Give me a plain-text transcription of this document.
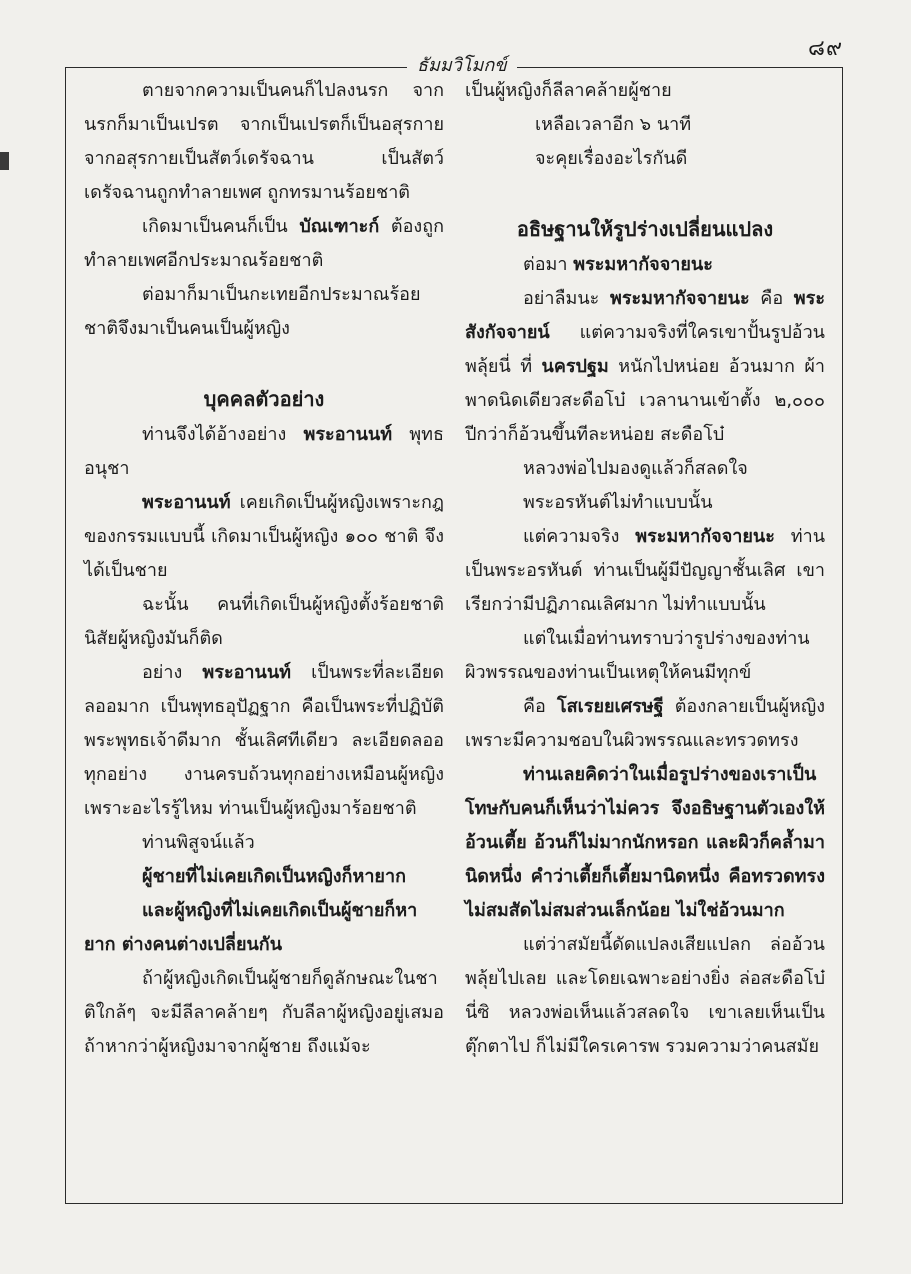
๘๙
ธัมมวิโมกข์

ตายจากความเป็นคนก็ไปลงนรก จากนรกก็มาเป็นเปรต จากเป็นเปรตก็เป็นอสุรกาย จากอสุรกายเป็นสัตว์เดรัจฉาน เป็นสัตว์เดรัจฉานถูกทำลายเพศ ถูกทรมานร้อยชาติ

เกิดมาเป็นคนก็เป็น บัณเฑาะก์ ต้องถูกทำลายเพศอีกประมาณร้อยชาติ

ต่อมาก็มาเป็นกะเทยอีกประมาณร้อยชาติจึงมาเป็นคนเป็นผู้หญิง

บุคคลตัวอย่าง

ท่านจึงได้อ้างอย่าง พระอานนท์ พุทธอนุชา

พระอานนท์ เคยเกิดเป็นผู้หญิงเพราะกฎของกรรมแบบนี้ เกิดมาเป็นผู้หญิง ๑๐๐ ชาติ จึงได้เป็นชาย

ฉะนั้น คนที่เกิดเป็นผู้หญิงตั้งร้อยชาตินิสัยผู้หญิงมันก็ติด

อย่าง พระอานนท์ เป็นพระที่ละเอียดลออมาก เป็นพุทธอุปัฏฐาก คือเป็นพระที่ปฏิบัติพระพุทธเจ้าดีมาก ชั้นเลิศทีเดียว ละเอียดลออทุกอย่าง งานครบถ้วนทุกอย่างเหมือนผู้หญิง เพราะอะไรรู้ไหม ท่านเป็นผู้หญิงมาร้อยชาติ

ท่านพิสูจน์แล้ว

ผู้ชายที่ไม่เคยเกิดเป็นหญิงก็หายาก

และผู้หญิงที่ไม่เคยเกิดเป็นผู้ชายก็หายาก ต่างคนต่างเปลี่ยนกัน

ถ้าผู้หญิงเกิดเป็นผู้ชายก็ดูลักษณะในชาติใกล้ๆ จะมีลีลาคล้ายๆ กับลีลาผู้หญิงอยู่เสมอ ถ้าหากว่าผู้หญิงมาจากผู้ชาย ถึงแม้จะ

เป็นผู้หญิงก็ลีลาคล้ายผู้ชาย

เหลือเวลาอีก ๖ นาที

จะคุยเรื่องอะไรกันดี

อธิษฐานให้รูปร่างเปลี่ยนแปลง

ต่อมา พระมหากัจจายนะ

อย่าลืมนะ พระมหากัจจายนะ คือ พระสังกัจจายน์ แต่ความจริงที่ใครเขาปั้นรูปอ้วนพลุ้ยนี่ ที่ นครปฐม หนักไปหน่อย อ้วนมาก ผ้าพาดนิดเดียวสะดือโบ๋ เวลานานเข้าตั้ง ๒,๐๐๐ ปีกว่าก็อ้วนขึ้นทีละหน่อย สะดือโบ๋

หลวงพ่อไปมองดูแล้วก็สลดใจ

พระอรหันต์ไม่ทำแบบนั้น

แต่ความจริง พระมหากัจจายนะ ท่านเป็นพระอรหันต์ ท่านเป็นผู้มีปัญญาชั้นเลิศ เขาเรียกว่ามีปฏิภาณเลิศมาก ไม่ทำแบบนั้น

แต่ในเมื่อท่านทราบว่ารูปร่างของท่านผิวพรรณของท่านเป็นเหตุให้คนมีทุกข์

คือ โสเรยยเศรษฐี ต้องกลายเป็นผู้หญิงเพราะมีความชอบในผิวพรรณและทรวดทรง

ท่านเลยคิดว่าในเมื่อรูปร่างของเราเป็นโทษกับคนก็เห็นว่าไม่ควร จึงอธิษฐานตัวเองให้อ้วนเตี้ย อ้วนก็ไม่มากนักหรอก และผิวก็คล้ำมานิดหนึ่ง คำว่าเตี้ยก็เตี้ยมานิดหนึ่ง คือทรวดทรงไม่สมสัดไม่สมส่วนเล็กน้อย ไม่ใช่อ้วนมาก

แต่ว่าสมัยนี้ดัดแปลงเสียแปลก ล่ออ้วนพลุ้ยไปเลย และโดยเฉพาะอย่างยิ่ง ล่อสะดือโบ๋นี่ซิ หลวงพ่อเห็นแล้วสลดใจ เขาเลยเห็นเป็นตุ๊กตาไป ก็ไม่มีใครเคารพ รวมความว่าคนสมัย
